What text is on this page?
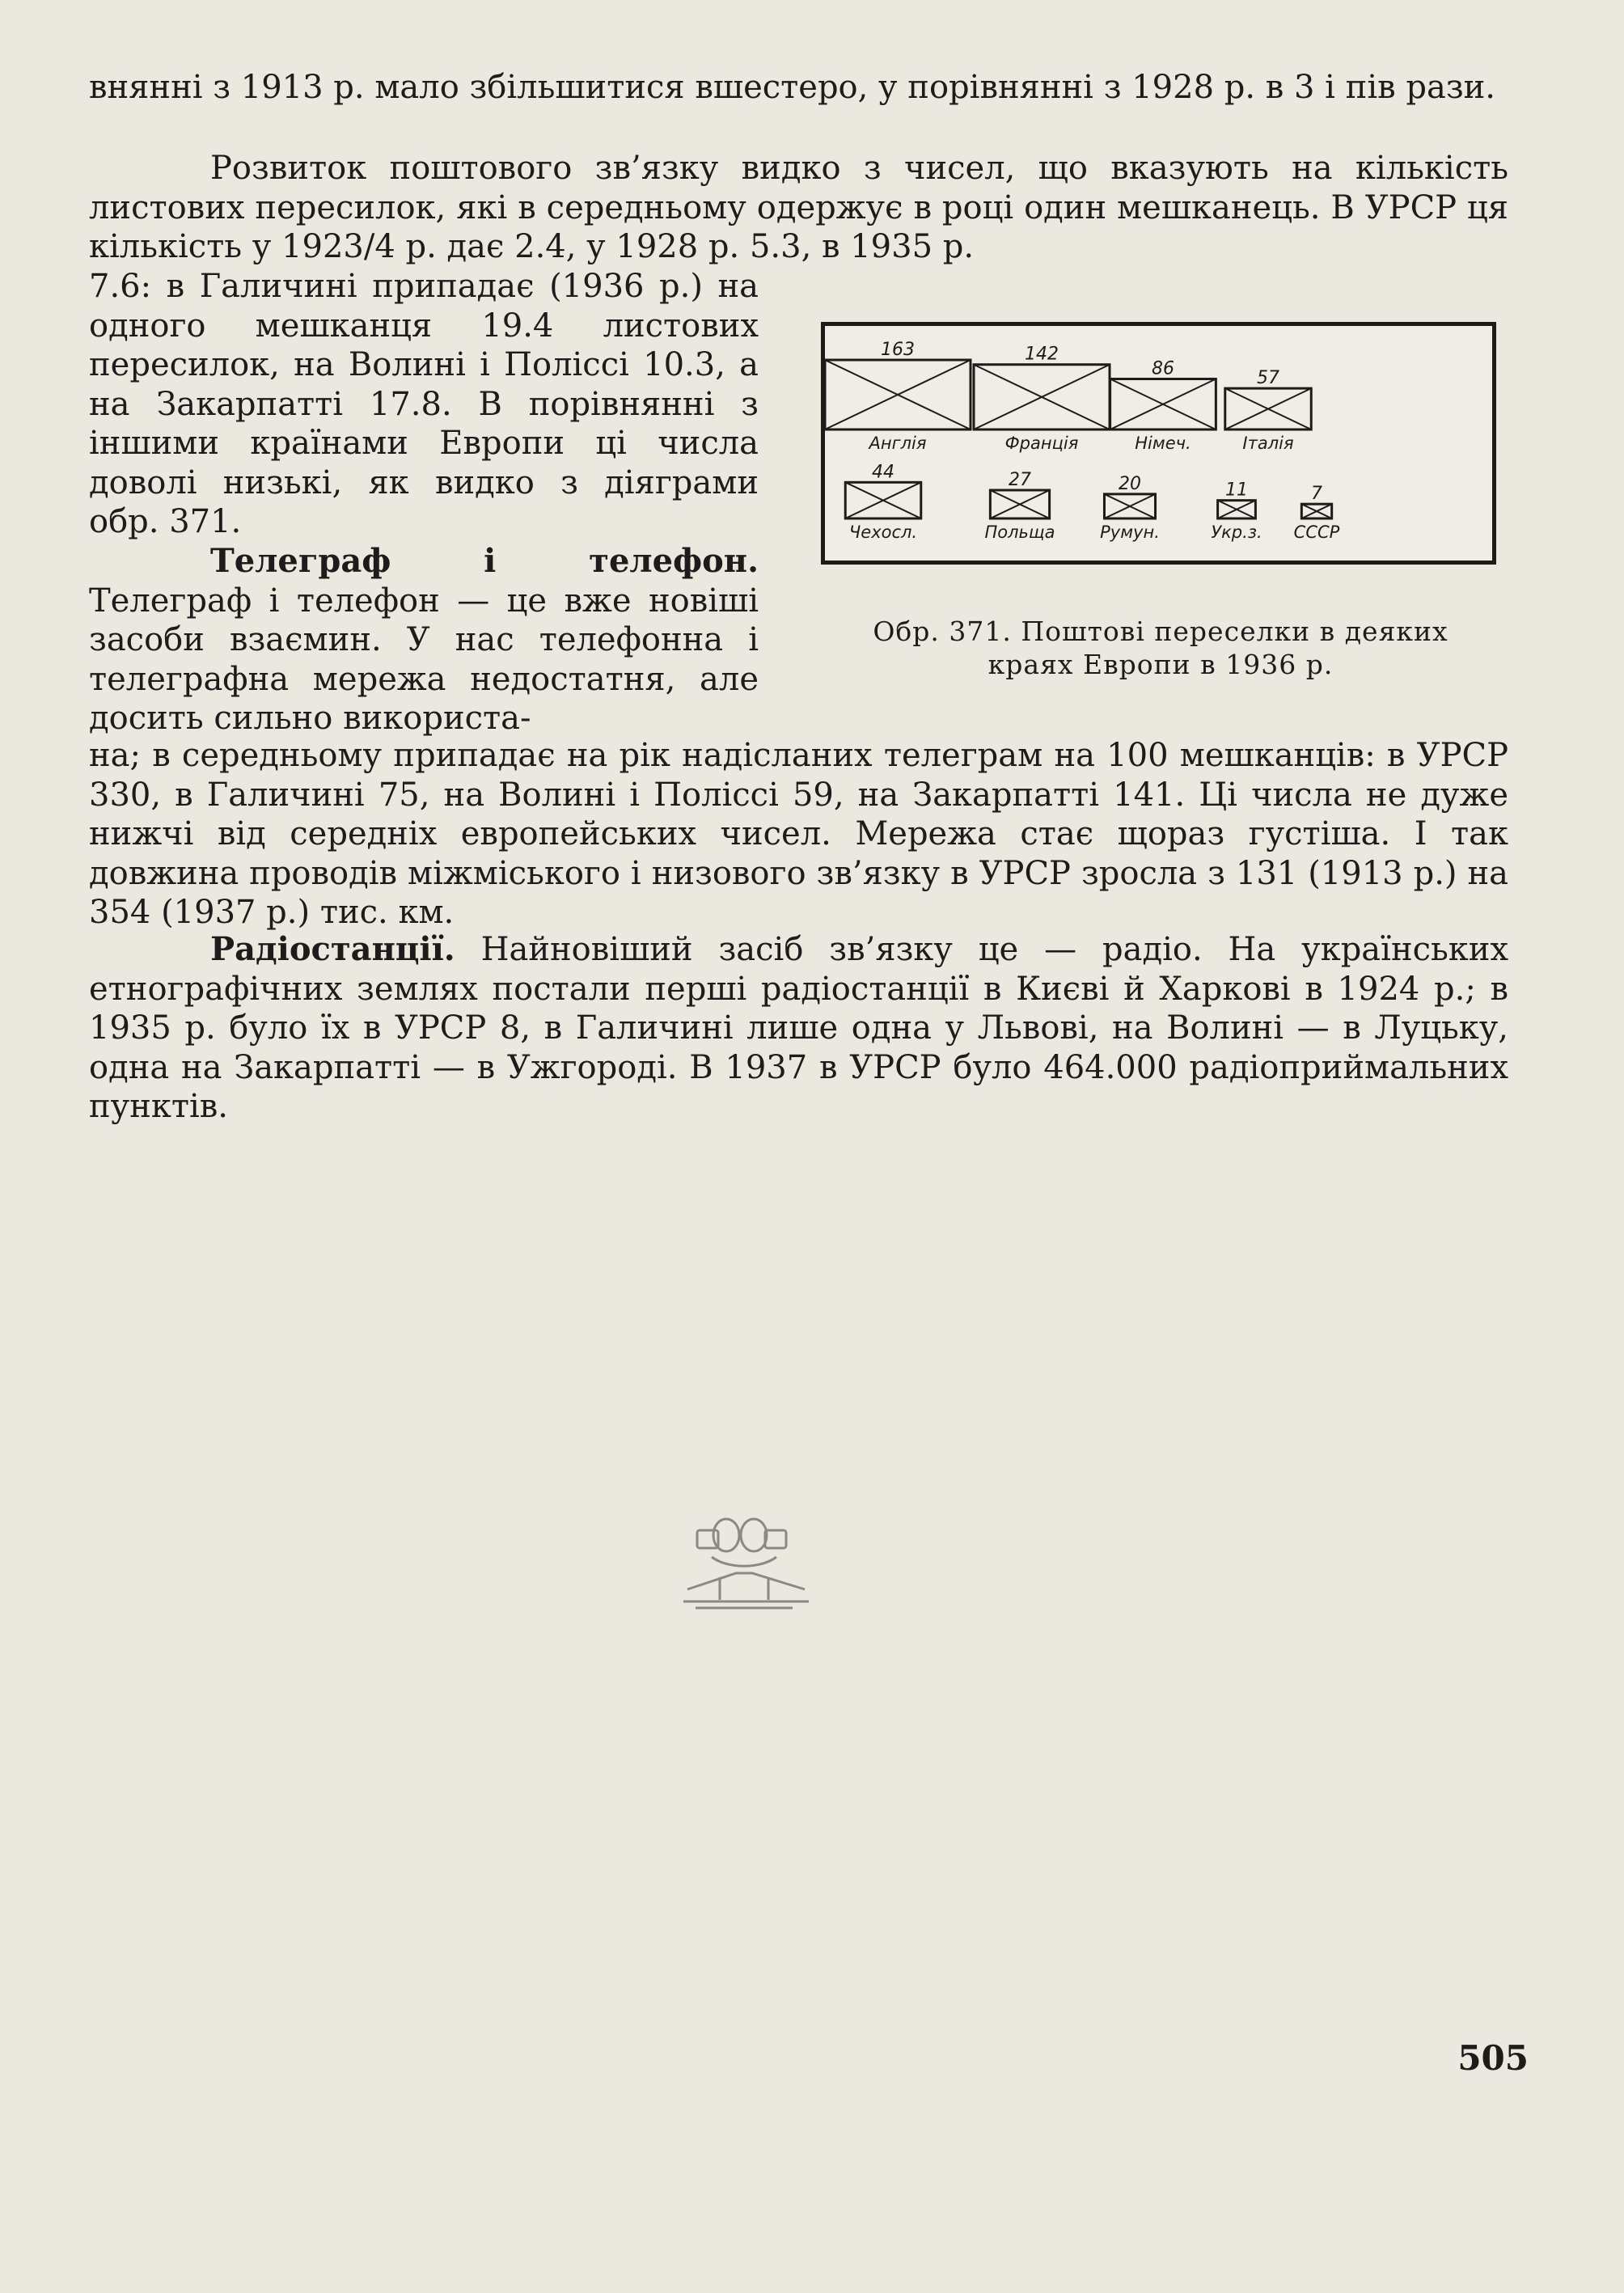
внянні з 1913 р. мало збільшитися вшестеро, у порівнянні з 1928 р. в 3 і пів рази.

Розвиток поштового зв’язку видко з чисел, що вказують на кількість листових пересилок, які в середньому одержує в році один мешканець. В УРСР ця кількість у 1923/4 р. дає 2.4, у 1928 р. 5.3, в 1935 р.

7.6: в Галичині припадає (1936 р.) на одного мешканця 19.4 листових пересилок, на Волині і Поліссі 10.3, а на Закарпатті 17.8. В порівнянні з іншими країнами Европи ці числа доволі низькі, як видко з діяграми обр. 371.

Телеграф і телефон. Телеграф і телефон — це вже новіші засоби взаємин. У нас телефонна і телеграфна мережа недостатня, але досить сильно використа-

на; в середньому припадає на рік надісланих телеграм на 100 мешканців: в УРСР 330, в Галичині 75, на Волині і Поліссі 59, на Закарпатті 141. Ці числа не дуже нижчі від середніх европейських чисел. Мережа стає щораз густіша. І так довжина проводів міжміського і низового зв’язку в УРСР зросла з 131 (1913 р.) на 354 (1937 р.) тис. км.

Радіостанції. Найновіший засіб зв’язку це — радіо. На українських етнографічних землях постали перші радіостанції в Києві й Харкові в 1924 р.; в 1935 р. було їх в УРСР 8, в Галичині лише одна у Львові, на Волині — в Луцьку, одна на Закарпатті — в Ужгороді. В 1937 в УРСР було 464.000 радіоприймальних пунктів.

163
Англія
142
Франція
86
Німеч.
57
Італія
44
Чехосл.
27
Польща
20
Румун.
11
Укр.з.
7
СССР
Обр. 371. Поштові переселки в деяких
краях Европи в 1936 р.
505
